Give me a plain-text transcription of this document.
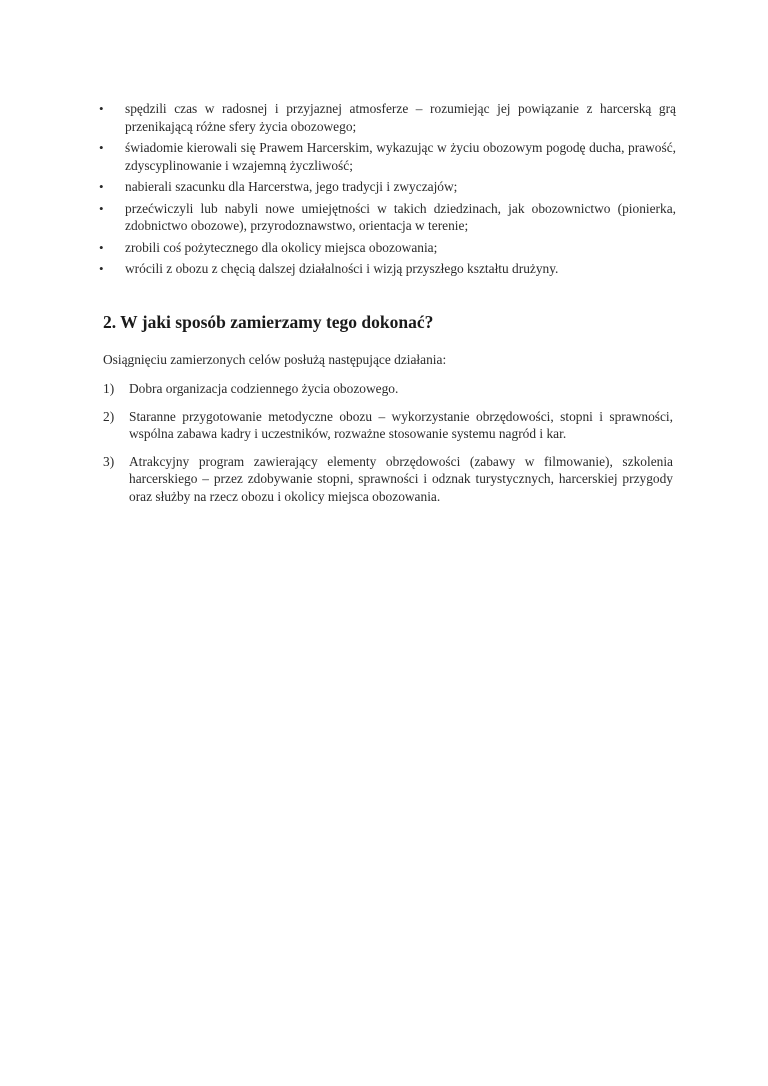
• spędzili czas w radosnej i przyjaznej atmosferze – rozumiejąc jej powiązanie z harcerską grą przenikającą różne sfery życia obozowego;
• świadomie kierowali się Prawem Harcerskim, wykazując w życiu obozowym pogodę ducha, prawość, zdyscyplinowanie i wzajemną życzliwość;
• nabierali szacunku dla Harcerstwa, jego tradycji i zwyczajów;
• przećwiczyli lub nabyli nowe umiejętności w takich dziedzinach, jak obozownictwo (pionierka, zdobnictwo obozowe), przyrodoznawstwo, orientacja w terenie;
• zrobili coś pożytecznego dla okolicy miejsca obozowania;
• wrócili z obozu z chęcią dalszej działalności i wizją przyszłego kształtu drużyny.
2. W jaki sposób zamierzamy tego dokonać?

Osiągnięciu zamierzonych celów posłużą następujące działania:

1) Dobra organizacja codziennego życia obozowego.
2) Staranne przygotowanie metodyczne obozu – wykorzystanie obrzędowości, stopni i sprawności, wspólna zabawa kadry i uczestników, rozważne stosowanie systemu nagród i kar.
3) Atrakcyjny program zawierający elementy obrzędowości (zabawy w filmowanie), szkolenia harcerskiego – przez zdobywanie stopni, sprawności i odznak turystycznych, harcerskiej przygody oraz służby na rzecz obozu i okolicy miejsca obozowania.
